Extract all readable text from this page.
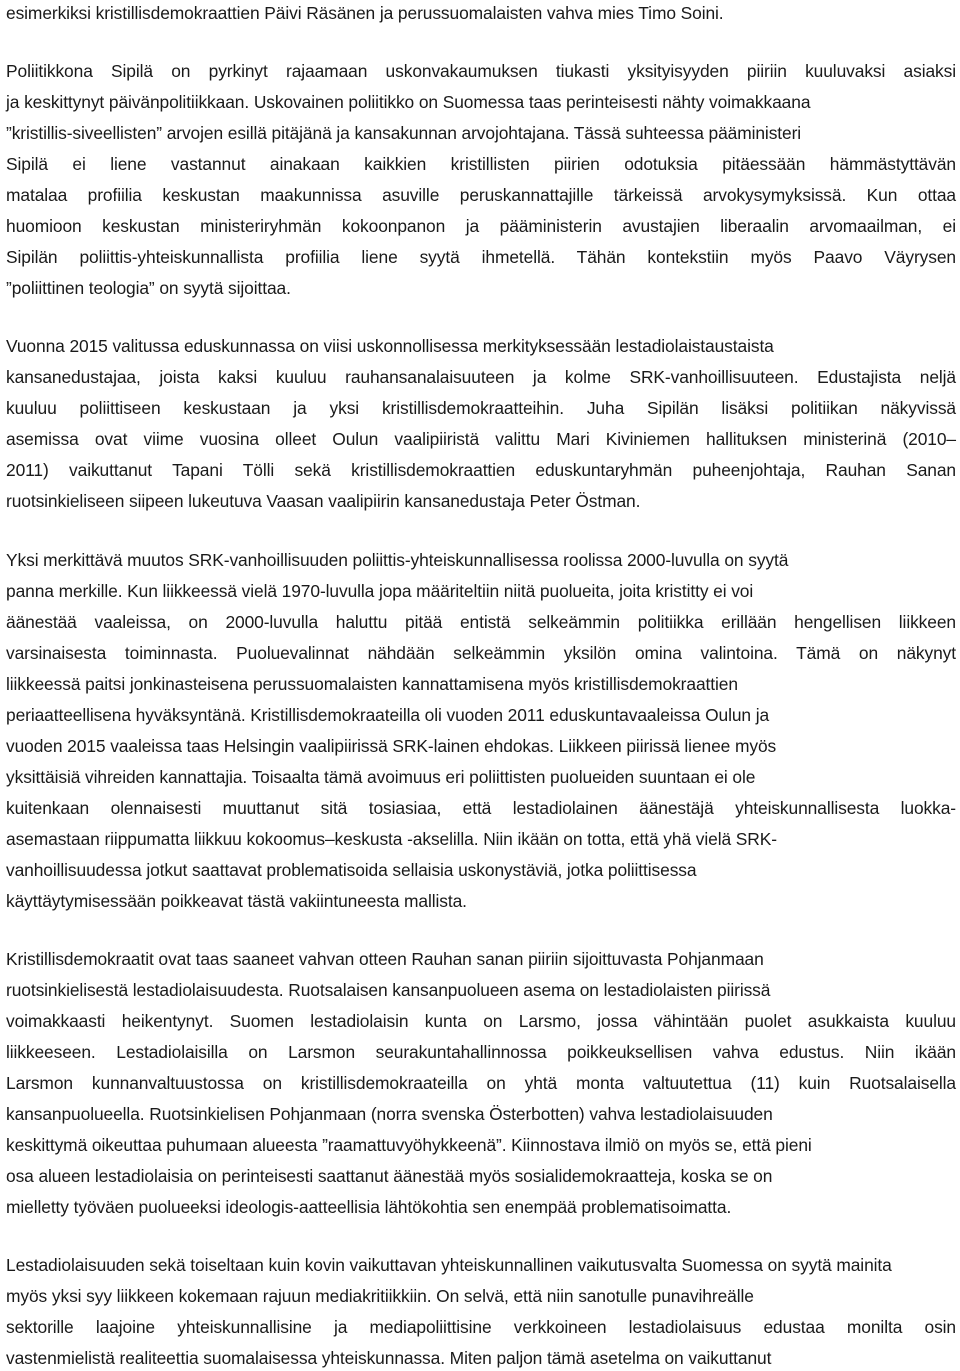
esimerkiksi kristillisdemokraattien Päivi Räsänen ja perussuomalaisten vahva mies Timo Soini.
Poliitikkona Sipilä on pyrkinyt rajaamaan uskonvakaumuksen tiukasti yksityisyyden piiriin kuuluvaksi asiaksi
ja keskittynyt päivänpolitiikkaan. Uskovainen poliitikko on Suomessa taas perinteisesti nähty voimakkaana
”kristillis-siveellisten” arvojen esillä pitäjänä ja kansakunnan arvojohtajana. Tässä suhteessa pääministeri
Sipilä ei liene vastannut ainakaan kaikkien kristillisten piirien odotuksia pitäessään hämmästyttävän
matalaa profiilia keskustan maakunnissa asuville peruskannattajille tärkeissä arvokysymyksissä. Kun ottaa
huomioon keskustan ministeriryhmän kokoonpanon ja pääministerin avustajien liberaalin arvomaailman, ei
Sipilän poliittis-yhteiskunnallista profiilia liene syytä ihmetellä. Tähän kontekstiin myös Paavo Väyrysen
”poliittinen teologia” on syytä sijoittaa.
Vuonna 2015 valitussa eduskunnassa on viisi uskonnollisessa merkityksessään lestadiolaistaustaista
kansanedustajaa, joista kaksi kuuluu rauhansanalaisuuteen ja kolme SRK-vanhoillisuuteen. Edustajista neljä
kuuluu poliittiseen keskustaan ja yksi kristillisdemokraatteihin. Juha Sipilän lisäksi politiikan näkyvissä
asemissa ovat viime vuosina olleet Oulun vaalipiiristä valittu Mari Kiviniemen hallituksen ministerinä (2010–
2011) vaikuttanut Tapani Tölli sekä kristillisdemokraattien eduskuntaryhmän puheenjohtaja, Rauhan Sanan
ruotsinkieliseen siipeen lukeutuva Vaasan vaalipiirin kansanedustaja Peter Östman.
Yksi merkittävä muutos SRK-vanhoillisuuden poliittis-yhteiskunnallisessa roolissa 2000-luvulla on syytä
panna merkille. Kun liikkeessä vielä 1970-luvulla jopa määriteltiin niitä puolueita, joita kristitty ei voi
äänestää vaaleissa, on 2000-luvulla haluttu pitää entistä selkeämmin politiikka erillään hengellisen liikkeen
varsinaisesta toiminnasta. Puoluevalinnat nähdään selkeämmin yksilön omina valintoina. Tämä on näkynyt
liikkeessä paitsi jonkinasteisena perussuomalaisten kannattamisena myös kristillisdemokraattien
periaatteellisena hyväksyntänä. Kristillisdemokraateilla oli vuoden 2011 eduskuntavaaleissa Oulun ja
vuoden 2015 vaaleissa taas Helsingin vaalipiirissä SRK-lainen ehdokas. Liikkeen piirissä lienee myös
yksittäisiä vihreiden kannattajia. Toisaalta tämä avoimuus eri poliittisten puolueiden suuntaan ei ole
kuitenkaan olennaisesti muuttanut sitä tosiasiaa, että lestadiolainen äänestäjä yhteiskunnallisesta luokka-
asemastaan riippumatta liikkuu kokoomus–keskusta -akselilla. Niin ikään on totta, että yhä vielä SRK-
vanhoillisuudessa jotkut saattavat problematisoida sellaisia uskonystäviä, jotka poliittisessa
käyttäytymisessään poikkeavat tästä vakiintuneesta mallista.
Kristillisdemokraatit ovat taas saaneet vahvan otteen Rauhan sanan piiriin sijoittuvasta Pohjanmaan
ruotsinkielisestä lestadiolaisuudesta. Ruotsalaisen kansanpuolueen asema on lestadiolaisten piirissä
voimakkaasti heikentynyt. Suomen lestadiolaisin kunta on Larsmo, jossa vähintään puolet asukkaista kuuluu
liikkeeseen. Lestadiolaisilla on Larsmon seurakuntahallinnossa poikkeuksellisen vahva edustus. Niin ikään
Larsmon kunnanvaltuustossa on kristillisdemokraateilla on yhtä monta valtuutettua (11) kuin Ruotsalaisella
kansanpuolueella. Ruotsinkielisen Pohjanmaan (norra svenska Österbotten) vahva lestadiolaisuuden
keskittymä oikeuttaa puhumaan alueesta ”raamattuvyöhykkeenä”. Kiinnostava ilmiö on myös se, että pieni
osa alueen lestadiolaisia on perinteisesti saattanut äänestää myös sosialidemokraatteja, koska se on
mielletty työväen puolueeksi ideologis-aatteellisia lähtökohtia sen enempää problematisoimatta.
Lestadiolaisuuden sekä toiseltaan kuin kovin vaikuttavan yhteiskunnallinen vaikutusvalta Suomessa on syytä mainita
myös yksi syy liikkeen kokemaan rajuun mediakritiikkiin. On selvä, että niin sanotulle punavihreälle
sektorille laajoine yhteiskunnallisine ja mediapoliittisine verkkoineen lestadiolaisuus edustaa monilta osin
vastenmielistä realiteettia suomalaisessa yhteiskunnassa. Miten paljon tämä asetelma on vaikuttanut
